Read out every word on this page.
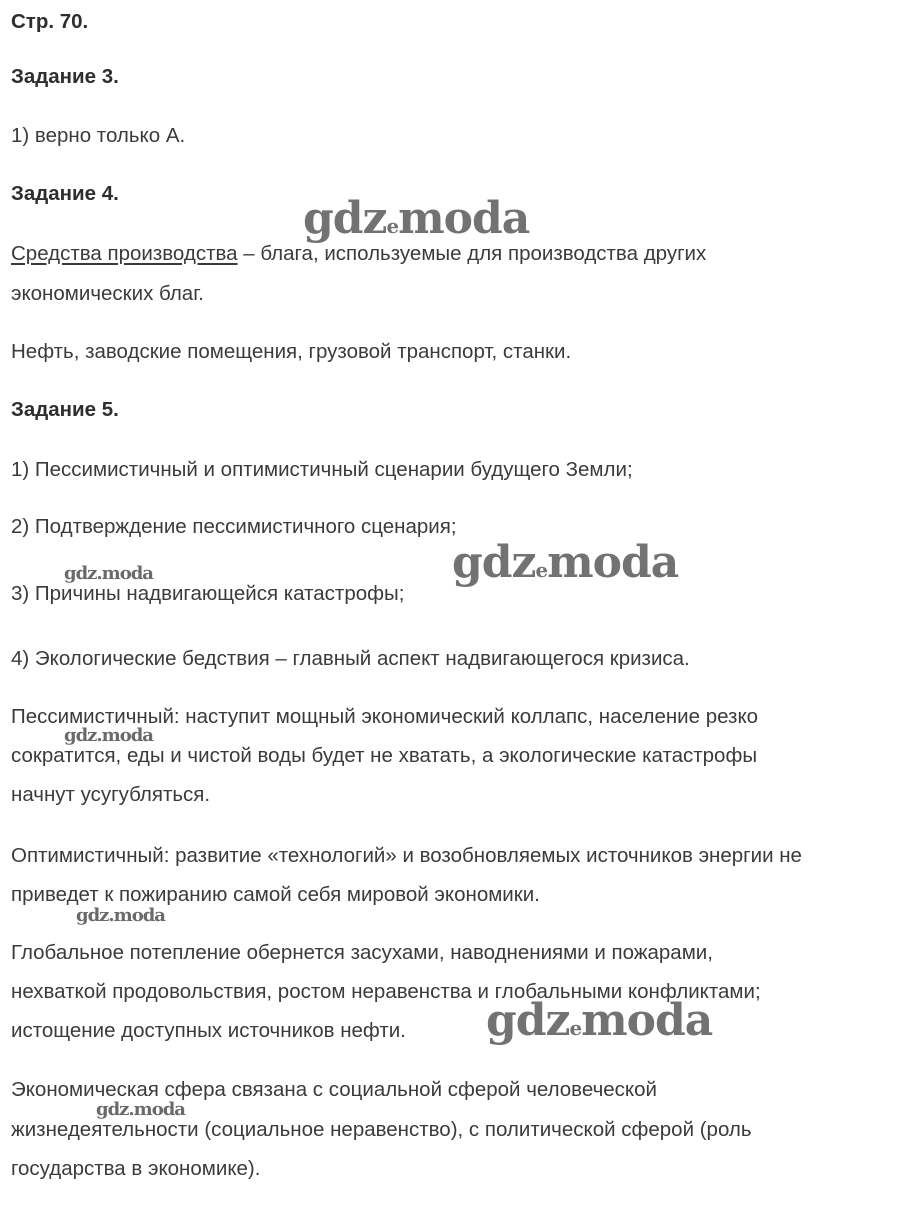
Стр. 70.
Задание 3.
1) верно только А.
Задание 4.
Средства производства – блага, используемые для производства других
экономических благ.
Нефть, заводские помещения, грузовой транспорт, станки.
Задание 5.
1) Пессимистичный и оптимистичный сценарии будущего Земли;
2) Подтверждение пессимистичного сценария;
3) Причины надвигающейся катастрофы;
4) Экологические бедствия – главный аспект надвигающегося кризиса.
Пессимистичный: наступит мощный экономический коллапс, население резко
сократится, еды и чистой воды будет не хватать, а экологические катастрофы
начнут усугубляться.
Оптимистичный: развитие «технологий» и возобновляемых источников энергии не
приведет к пожиранию самой себя мировой экономики.
Глобальное потепление обернется засухами, наводнениями и пожарами,
нехваткой продовольствия, ростом неравенства и глобальными конфликтами;
истощение доступных источников нефти.
Экономическая сфера связана с социальной сферой человеческой
жизнедеятельности (социальное неравенство), с политической сферой (роль
государства в экономике).
gdzemoda
gdzemoda
gdzemoda
gdz.moda
gdz.moda
gdz.moda
gdz.moda
